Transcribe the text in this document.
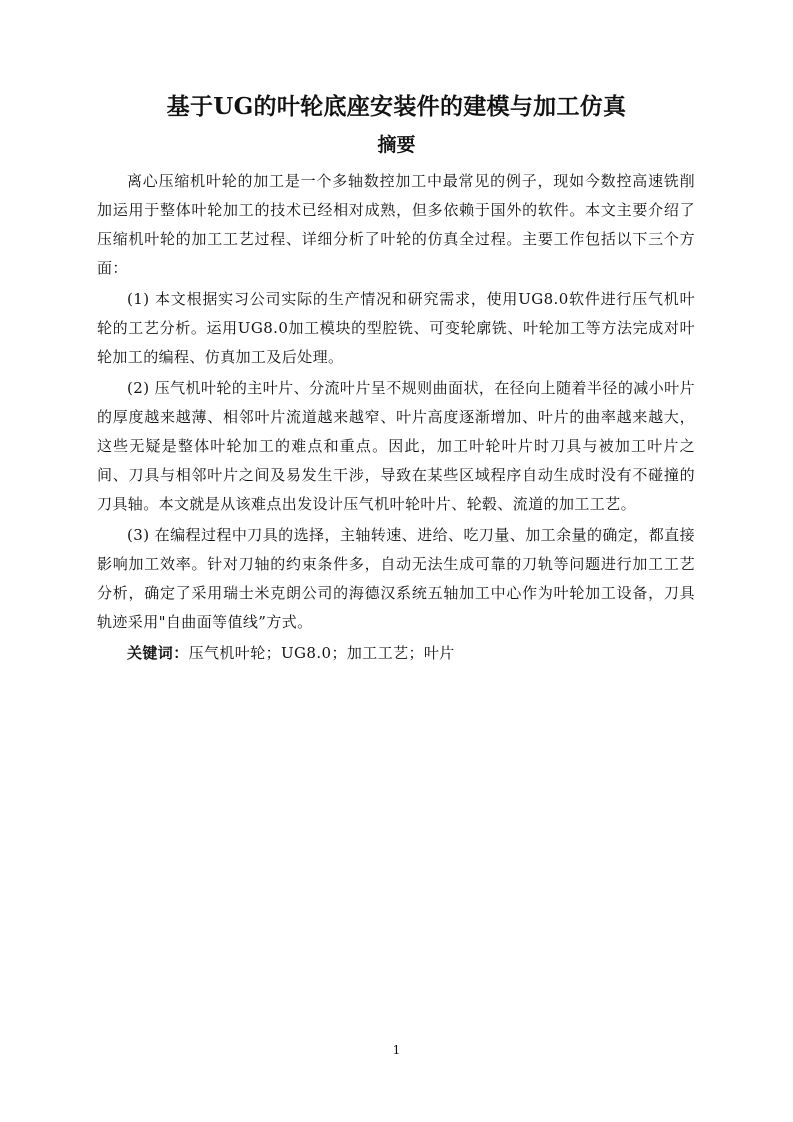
基于UG的叶轮底座安装件的建模与加工仿真
摘要

离心压缩机叶轮的加工是一个多轴数控加工中最常见的例子，现如今数控高速铣削加运用于整体叶轮加工的技术已经相对成熟，但多依赖于国外的软件。本文主要介绍了压缩机叶轮的加工工艺过程、详细分析了叶轮的仿真全过程。主要工作包括以下三个方面：

(1) 本文根据实习公司实际的生产情况和研究需求，使用UG8.0软件进行压气机叶轮的工艺分析。运用UG8.0加工模块的型腔铣、可变轮廓铣、叶轮加工等方法完成对叶轮加工的编程、仿真加工及后处理。

(2) 压气机叶轮的主叶片、分流叶片呈不规则曲面状，在径向上随着半径的减小叶片的厚度越来越薄、相邻叶片流道越来越窄、叶片高度逐渐增加、叶片的曲率越来越大，这些无疑是整体叶轮加工的难点和重点。因此，加工叶轮叶片时刀具与被加工叶片之间、刀具与相邻叶片之间及易发生干涉，导致在某些区域程序自动生成时没有不碰撞的刀具轴。本文就是从该难点出发设计压气机叶轮叶片、轮毂、流道的加工工艺。

(3) 在编程过程中刀具的选择，主轴转速、进给、吃刀量、加工余量的确定，都直接影响加工效率。针对刀轴的约束条件多，自动无法生成可靠的刀轨等问题进行加工工艺分析，确定了采用瑞士米克朗公司的海德汉系统五轴加工中心作为叶轮加工设备，刀具轨迹采用"自曲面等值线”方式。

关键词：压气机叶轮；UG8.0；加工工艺；叶片

1
